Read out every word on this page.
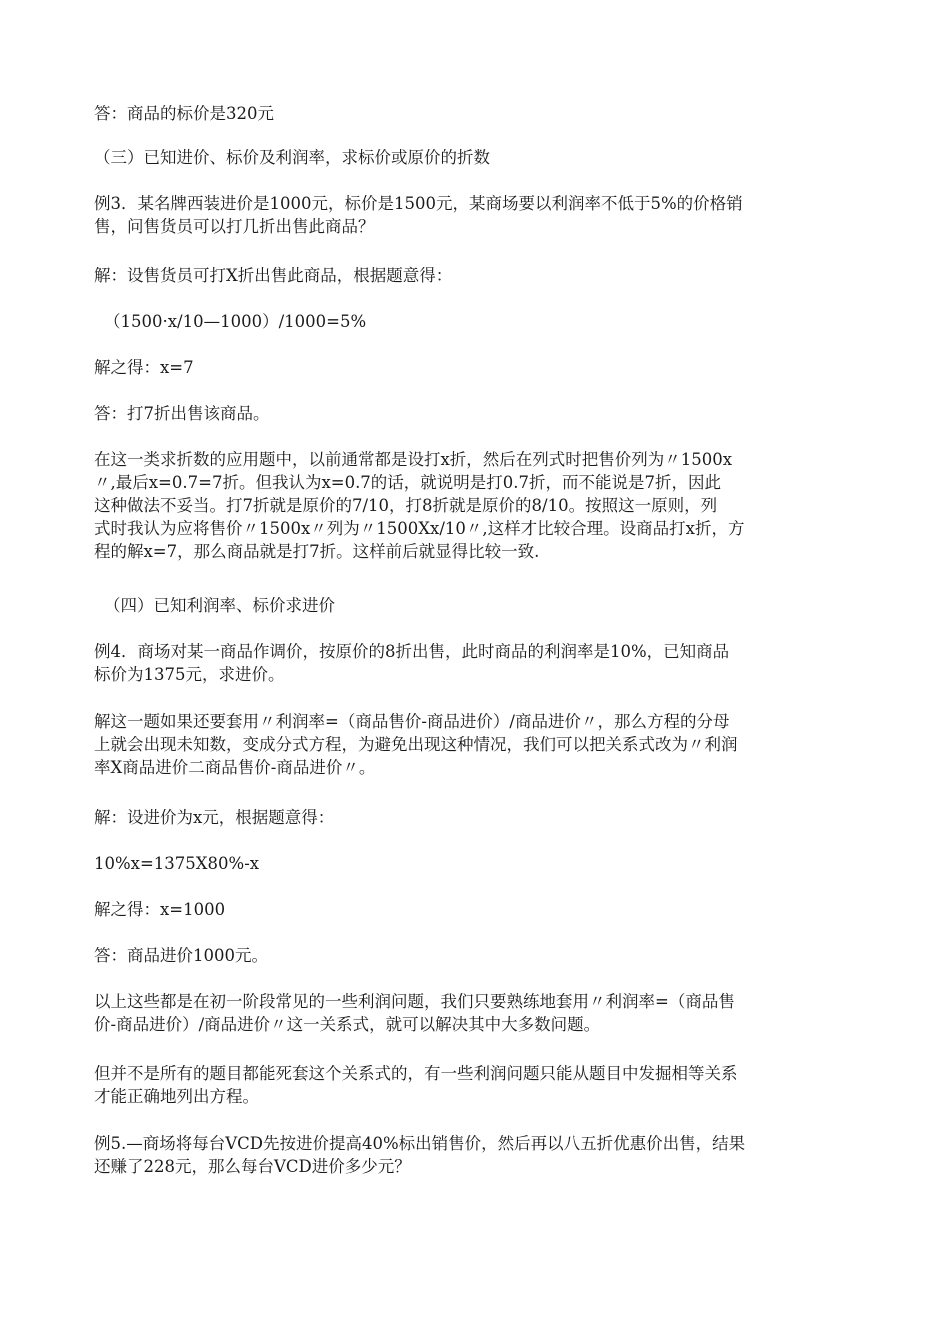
答：商品的标价是320元

（三）已知进价、标价及利润率，求标价或原价的折数

例3．某名牌西装进价是1000元，标价是1500元，某商场要以利润率不低于5%的价格销
售，问售货员可以打几折出售此商品？

解：设售货员可打X折出售此商品，根据题意得：

（1500·x/10—1000）/1000=5%

解之得：x=7

答：打7折出售该商品。

在这一类求折数的应用题中，以前通常都是设打x折，然后在列式时把售价列为〃1500x
〃,最后x=0.7=7折。但我认为x=0.7的话，就说明是打0.7折，而不能说是7折，因此
这种做法不妥当。打7折就是原价的7/10，打8折就是原价的8/10。按照这一原则，列
式时我认为应将售价〃1500x〃列为〃1500Xx/10〃,这样才比较合理。设商品打x折，方
程的解x=7，那么商品就是打7折。这样前后就显得比较一致.

（四）已知利润率、标价求进价

例4．商场对某一商品作调价，按原价的8折出售，此时商品的利润率是10%，已知商品
标价为1375元，求进价。

解这一题如果还要套用〃利润率=（商品售价-商品进价）/商品进价〃，那么方程的分母
上就会出现未知数，变成分式方程，为避免出现这种情况，我们可以把关系式改为〃利润
率X商品进价二商品售价-商品进价〃。

解：设进价为x元，根据题意得：

10%x=1375X80%-x

解之得：x=1000

答：商品进价1000元。

以上这些都是在初一阶段常见的一些利润问题，我们只要熟练地套用〃利润率=（商品售
价-商品进价）/商品进价〃这一关系式，就可以解决其中大多数问题。

但并不是所有的题目都能死套这个关系式的，有一些利润问题只能从题目中发掘相等关系
才能正确地列出方程。

例5.—商场将每台VCD先按进价提高40%标出销售价，然后再以八五折优惠价出售，结果
还赚了228元，那么每台VCD进价多少元？
